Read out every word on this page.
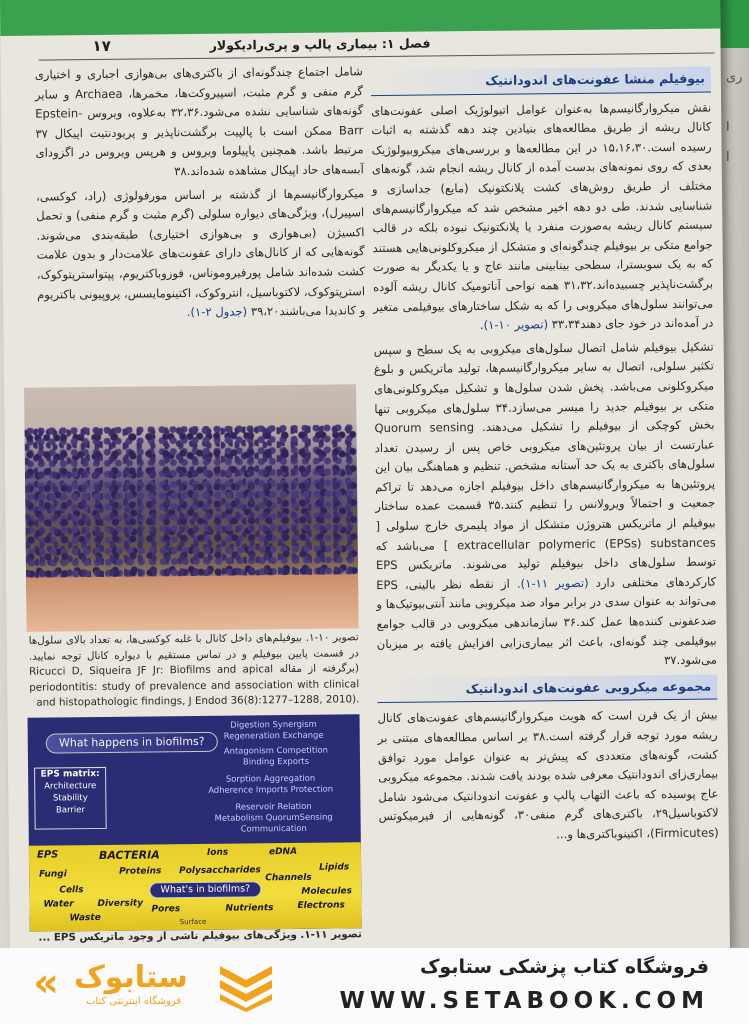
ری
ا
ا
فصل ۱: بیماری پالپ و پری‌رادیکولار
۱۷

شامل اجتماع چندگونه‌ای از باکتری‌های بی‌هوازی اجباری و اختیاری گرم منفی و گرم مثبت، اسپیروکت‌ها، مخمرها، Archaea و سایر گونه‌های شناسایی نشده می‌شود.۳۲،۳۶ به‌علاوه، ویروس Epstein-Barr ممکن است با پالپیت برگشت‌ناپذیر و پریودنتیت اپیکال ۳۷ مرتبط باشد. همچنین پاپیلوما ویروس و هرپس ویروس در اگزودای آبسه‌های حاد اپیکال مشاهده شده‌اند.۳۸

میکروارگانیسم‌ها از گذشته بر اساس مورفولوژی (راد، کوکسی، اسپیرل)، ویژگی‌های دیواره سلولی (گرم مثبت و گرم منفی) و تحمل اکسیژن (بی‌هوازی و بی‌هوازی اختیاری) طبقه‌بندی می‌شوند. گونه‌هایی که از کانال‌های دارای عفونت‌های علامت‌دار و بدون علامت کشت شده‌اند شامل پورفیروموناس، فوزوباکتریوم، پپتواسترپتوکوک، استرپتوکوک، لاکتوباسیل، انتروکوک، اکتینومایسس، پروپیونی باکتریوم و کاندیدا می‌باشند۳۹،۲۰ (جدول ۲-۱).

بیوفیلم منشا عفونت‌های اندودانتیک

نقش میکروارگانیسم‌ها به‌عنوان عوامل اتیولوژیک اصلی عفونت‌های کانال ریشه از طریق مطالعه‌های بنیادین چند دهه گذشته به اثبات رسیده است.۱۵،۱۶،۳۰ در این مطالعه‌ها و بررسی‌های میکروبیولوژیک بعدی که روی نمونه‌های بدست آمده از کانال ریشه انجام شد، گونه‌های مختلف از طریق روش‌های کشت پلانکتونیک (مایع) جداسازی و شناسایی شدند. طی دو دهه اخیر مشخص شد که میکروارگانیسم‌های سیستم کانال ریشه به‌صورت منفرد یا پلانکتونیک نبوده بلکه در قالب جوامع متکی بر بیوفیلم چندگونه‌ای و متشکل از میکروکلونی‌هایی هستند که به یک سوبسترا، سطحی بینابینی مانند عاج و یا یکدیگر به صورت برگشت‌ناپذیر چسبیده‌اند.۳۱،۳۲ همه نواحی آناتومیک کانال ریشه آلوده می‌توانند سلول‌های میکروبی را که به شکل ساختارهای بیوفیلمی متغیر در آمده‌اند در خود جای دهند۳۳،۳۴ (تصویر ۱۰-۱).

تشکیل بیوفیلم شامل اتصال سلول‌های میکروبی به یک سطح و سپس تکثیر سلولی، اتصال به سایر میکروارگانیسم‌ها، تولید ماتریکس و بلوغ میکروکلونی می‌باشد. پخش شدن سلول‌ها و تشکیل میکروکلونی‌های متکی بر بیوفیلم جدید را میسر می‌سازد.۳۴ سلول‌های میکروبی تنها بخش کوچکی از بیوفیلم را تشکیل می‌دهند. Quorum sensing عبارتست از بیان پروتئین‌های میکروبی خاص پس از رسیدن تعداد سلول‌های باکتری به یک حد آستانه مشخص. تنظیم و هماهنگی بیان این پروتئین‌ها به میکروارگانیسم‌های داخل بیوفیلم اجازه می‌دهد تا تراکم جمعیت و احتمالاً ویرولانس را تنظیم کنند.۳۵ قسمت عمده ساختار بیوفیلم از ماتریکس هتروژن متشکل از مواد پلیمری خارج سلولی [ extracellular polymeric (EPSs) substances ] می‌باشد که توسط سلول‌های داخل بیوفیلم تولید می‌شوند. ماتریکس EPS کارکردهای مختلفی دارد (تصویر ۱۱-۱). از نقطه نظر بالینی، EPS می‌تواند به عنوان سدی در برابر مواد ضد میکروبی مانند آنتی‌بیوتیک‌ها و ضدعفونی کننده‌ها عمل کند.۳۶ سازماندهی میکروبی در قالب جوامع بیوفیلمی چند گونه‌ای، باعث اثر بیماری‌زایی افزایش یافته بر میزبان می‌شود.۳۷

مجموعه میکروبی عفونت‌های اندودانتیک

بیش از یک قرن است که هویت میکروارگانیسم‌های عفونت‌های کانال ریشه مورد توجه قرار گرفته است.۳۸ بر اساس مطالعه‌های مبتنی بر کشت، گونه‌های متعددی که پیش‌تر به عنوان عوامل مورد توافق بیماری‌زای اندودانتیک معرفی شده بودند یافت شدند. مجموعه میکروبی عاج پوسیده که باعث التهاب پالپ و عفونت اندودانتیک می‌شود شامل لاکتوباسیل۲۹، باکتری‌های گرم منفی۳۰، گونه‌هایی از فیرمیکوتس (Firmicutes)، اکتینوباکتری‌ها و...

تصویر ۱۰-۱. بیوفیلم‌های داخل کانال با غلبه کوکسی‌ها، به تعداد بالای سلول‌ها در قسمت پایین بیوفیلم و در تماس مستقیم با دیواره کانال توجه نمایید. (برگرفته از مقاله Ricucci D, Siqueira JF Jr: Biofilms and apical periodontitis: study of prevalence and association with clinical and histopathologic findings, J Endod 36(8):1277–1288, 2010).
What happens in biofilms?
Digestion Synergism
Regeneration Exchange
Antagonism Competition
Binding Exports
Sorption Aggregation
Adherence Imports Protection
Reservoir Relation
Metabolism QuorumSensing
Communication
EPS matrix:
Architecture
Stability
Barrier
EPS	BACTERIA	Ions	eDNA
Lipids
Fungi	Proteins Polysaccharides
Channels
Molecules
Cells
Water	Diversity
Pores	Nutrients	Electrons
Waste
What's in biofilms?
Surface
تصویر ۱۱-۱. ویژگی‌های بیوفیلم ناشی از وجود ماتریکس EPS ...
« ستابوک
فروشگاه اینترنتی کتاب
فروشگاه کتاب پزشکی ستابوک
WWW.SETABOOK.COM
